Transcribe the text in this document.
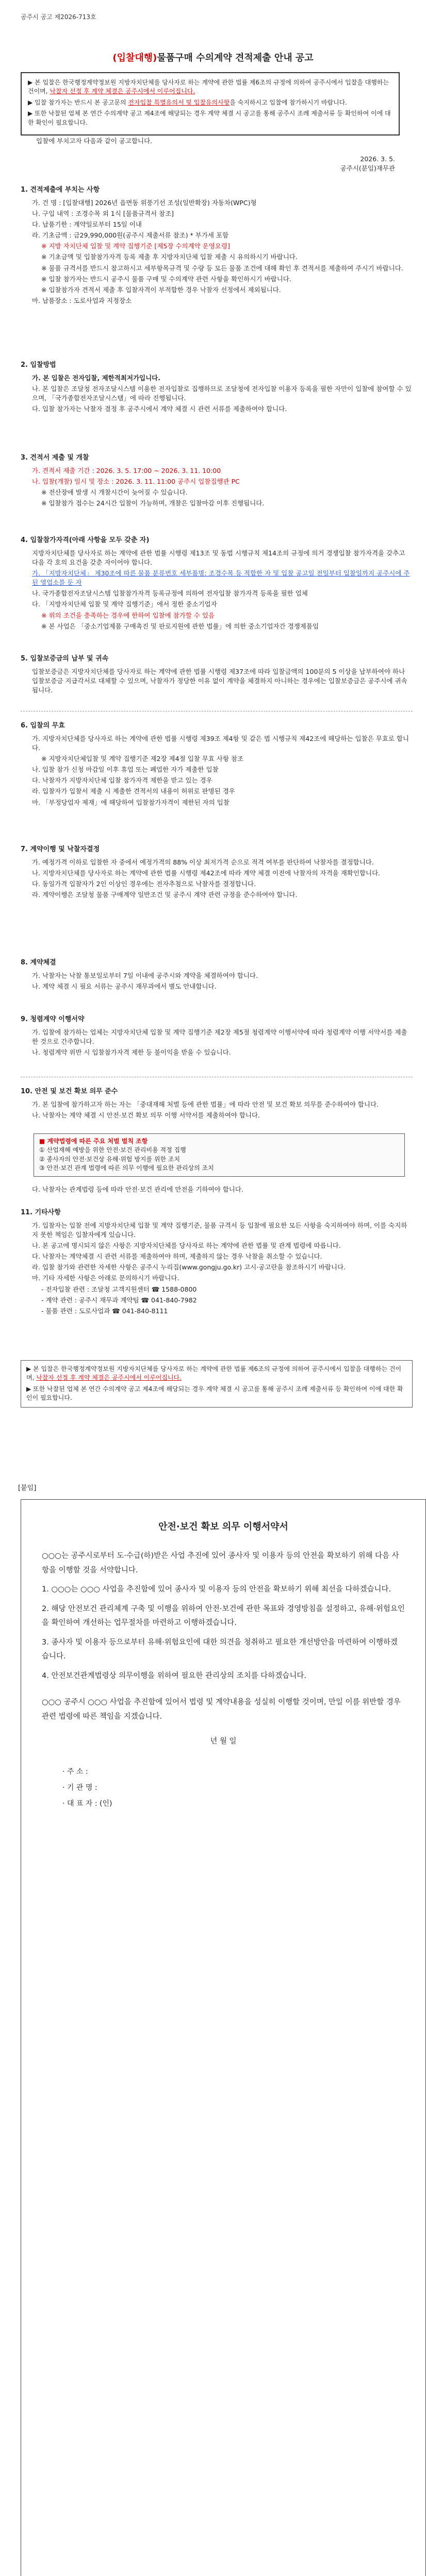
공주시 공고 제2026-713호
(입찰대행)물품구매 수의계약 견적제출 안내 공고

▶ 본 입찰은 한국행정계약정보원 지방자치단체를 당사자로 하는 계약에 관한 법률 제6조의 규정에 의하여 공주시에서 입찰을 대행하는 건이며, 낙찰자 선정 후 계약 체결은 공주시에서 이루어집니다.

▶ 입찰 참가자는 반드시 본 공고문의 전자입찰 특별유의서 및 입찰유의사항을 숙지하시고 입찰에 참가하시기 바랍니다.

▶ 또한 낙찰된 업체 본 연간 수의계약 공고 제4조에 해당되는 경우 계약 체결 시 공고를 통해 공주시 조례 제출서류 등 확인하여 이에 대한 확인이 필요합니다.

입찰에 부치고자 다음과 같이 공고합니다.
2026. 3. 5.
공주시(분임)재무관
1. 견적제출에 부치는 사항
가. 건 명 : [입찰대행] 2026년 읍면동 위풍기선 조성(일반확장) 자동차(WPC)형
나. 구입 내역 : 조경수목 외 1식 [물품규격서 참조]
다. 납품기한 : 계약일로부터 15일 이내
라. 기초금액 : 금29,990,000원(공주시 제출서류 참조) * 부가세 포함
※ 지방 자치단체 입찰 및 계약 집행기준 [제5장 수의계약 운영요령]
※ 기초금액 및 입찰참가자격 등록 제출 후 지방자치단체 입찰 제출 시 유의하시기 바랍니다.
※ 물품 규격서를 반드시 참고하시고 세부항목규격 및 수량 등 모든 물품 조건에 대해 확인 후 견적서를 제출하여 주시기 바랍니다.
※ 입찰 참가자는 반드시 공주시 물품 구매 및 수의계약 관련 사항을 확인하시기 바랍니다.
※ 입찰참가자 견적서 제출 후 입찰자격이 부적합한 경우 낙찰자 선정에서 제외됩니다.
마. 납품장소 : 도로사업과 지정장소
2. 입찰방법
가. 본 입찰은 전자입찰, 제한적최저가입니다.
나. 본 입찰은 조달청 전자조달시스템 이용한 전자입찰로 집행하므로 조달청에 전자입찰 이용자 등록을 필한 자만이 입찰에 참여할 수 있으며, 「국가종합전자조달시스템」에 따라 진행됩니다.
다. 입찰 참가자는 낙찰자 결정 후 공주시에서 계약 체결 시 관련 서류를 제출하여야 합니다.
3. 견적서 제출 및 개찰
가. 견적서 제출 기간 : 2026. 3. 5. 17:00 ~ 2026. 3. 11. 10:00
나. 입찰(개찰) 일시 및 장소 : 2026. 3. 11. 11:00 공주시 입찰집행관 PC
※ 전산장애 발생 시 개찰시간이 늦어질 수 있습니다.
※ 입찰참가 접수는 24시간 입찰이 가능하며, 개찰은 입찰마감 이후 진행됩니다.
4. 입찰참가자격(아래 사항을 모두 갖춘 자)
지방자치단체를 당사자로 하는 계약에 관한 법률 시행령 제13조 및 동법 시행규칙 제14조의 규정에 의거 경쟁입찰 참가자격을 갖추고 다음 각 호의 요건을 갖춘 자이어야 합니다.
가. 「지방자치단체」 제30조에 따른 물품 분류번호 세부품명: 조경수목 등 적합한 자 및 입찰 공고일 전일부터 입찰일까지 공주시에 주된 영업소를 둔 자
나. 국가종합전자조달시스템 입찰참가자격 등록규정에 의하여 전자입찰 참가자격 등록을 필한 업체
다. 「지방자치단체 입찰 및 계약 집행기준」에서 정한 중소기업자
※ 위의 조건을 충족하는 경우에 한하여 입찰에 참가할 수 있음
※ 본 사업은 「중소기업제품 구매촉진 및 판로지원에 관한 법률」에 의한 중소기업자간 경쟁제품임
5. 입찰보증금의 납부 및 귀속
입찰보증금은 지방자치단체를 당사자로 하는 계약에 관한 법률 시행령 제37조에 따라 입찰금액의 100분의 5 이상을 납부하여야 하나 입찰보증금 지급각서로 대체할 수 있으며, 낙찰자가 정당한 이유 없이 계약을 체결하지 아니하는 경우에는 입찰보증금은 공주시에 귀속됩니다.
6. 입찰의 무효
가. 지방자치단체를 당사자로 하는 계약에 관한 법률 시행령 제39조 제4항 및 같은 법 시행규칙 제42조에 해당하는 입찰은 무효로 합니다.
※ 지방자치단체입찰 및 계약 집행기준 제2장 제4절 입찰 무효 사항 참조
나. 입찰 참가 신청 마감일 이후 휴업 또는 폐업한 자가 제출한 입찰
다. 낙찰자가 지방자치단체 입찰 참가자격 제한을 받고 있는 경우
라. 입찰자가 입찰서 제출 시 제출한 견적서의 내용이 허위로 판명된 경우
마. 「부정당업자 제재」에 해당하여 입찰참가자격이 제한된 자의 입찰
7. 계약이행 및 낙찰자결정
가. 예정가격 이하로 입찰한 자 중에서 예정가격의 88% 이상 최저가격 순으로 적격 여부를 판단하여 낙찰자를 결정합니다.
나. 지방자치단체를 당사자로 하는 계약에 관한 법률 시행령 제42조에 따라 계약 체결 이전에 낙찰자의 자격을 재확인합니다.
다. 동일가격 입찰자가 2인 이상인 경우에는 전자추첨으로 낙찰자를 결정합니다.
라. 계약이행은 조달청 물품 구매계약 일반조건 및 공주시 계약 관련 규정을 준수하여야 합니다.
8. 계약체결
가. 낙찰자는 낙찰 통보일로부터 7일 이내에 공주시와 계약을 체결하여야 합니다.
나. 계약 체결 시 필요 서류는 공주시 재무과에서 별도 안내합니다.
9. 청렴계약 이행서약
가. 입찰에 참가하는 업체는 지방자치단체 입찰 및 계약 집행기준 제2장 제5절 청렴계약 이행서약에 따라 청렴계약 이행 서약서를 제출한 것으로 간주합니다.
나. 청렴계약 위반 시 입찰참가자격 제한 등 불이익을 받을 수 있습니다.
10. 안전 및 보건 확보 의무 준수
가. 본 입찰에 참가하고자 하는 자는 「중대재해 처벌 등에 관한 법률」에 따라 안전 및 보건 확보 의무를 준수하여야 합니다.
나. 낙찰자는 계약 체결 시 안전·보건 확보 의무 이행 서약서를 제출하여야 합니다.
■ 계약법령에 따른 주요 처벌 벌칙 조항
① 산업재해 예방을 위한 안전·보건 관리비용 적정 집행
② 종사자의 안전·보건상 유해·위험 방지를 위한 조치
③ 안전·보건 관계 법령에 따른 의무 이행에 필요한 관리상의 조치
다. 낙찰자는 관계법령 등에 따라 안전·보건 관리에 만전을 기하여야 합니다.
11. 기타사항
가. 입찰자는 입찰 전에 지방자치단체 입찰 및 계약 집행기준, 물품 규격서 등 입찰에 필요한 모든 사항을 숙지하여야 하며, 이를 숙지하지 못한 책임은 입찰자에게 있습니다.
나. 본 공고에 명시되지 않은 사항은 지방자치단체를 당사자로 하는 계약에 관한 법률 및 관계 법령에 따릅니다.
다. 낙찰자는 계약체결 시 관련 서류를 제출하여야 하며, 제출하지 않는 경우 낙찰을 취소할 수 있습니다.
라. 입찰 참가와 관련한 자세한 사항은 공주시 누리집(www.gongju.go.kr) 고시·공고란을 참조하시기 바랍니다.
마. 기타 자세한 사항은 아래로 문의하시기 바랍니다.
- 전자입찰 관련 : 조달청 고객지원센터 ☎ 1588-0800
- 계약 관련 : 공주시 재무과 계약팀 ☎ 041-840-7982
- 물품 관련 : 도로사업과 ☎ 041-840-8111

▶ 본 입찰은 한국행정계약정보원 지방자치단체를 당사자로 하는 계약에 관한 법률 제6조의 규정에 의하여 공주시에서 입찰을 대행하는 건이며, 낙찰자 선정 후 계약 체결은 공주시에서 이루어집니다.

▶ 또한 낙찰된 업체 본 연간 수의계약 공고 제4조에 해당되는 경우 계약 체결 시 공고를 통해 공주시 조례 제출서류 등 확인하여 이에 대한 확인이 필요합니다.

[붙임]
안전·보건 확보 의무 이행서약서

○○○는 공주시로부터 도·수급(하)받은 사업 추진에 있어 종사자 및 이용자 등의 안전을 확보하기 위해 다음 사항을 이행할 것을 서약합니다.

1. ○○○는 ○○○ 사업을 추진함에 있어 종사자 및 이용자 등의 안전을 확보하기 위해 최선을 다하겠습니다.

2. 해당 안전보건 관리체계 구축 및 이행을 위하여 안전·보건에 관한 목표와 경영방침을 설정하고, 유해·위험요인을 확인하여 개선하는 업무절차를 마련하고 이행하겠습니다.

3. 종사자 및 이용자 등으로부터 유해·위험요인에 대한 의견을 청취하고 필요한 개선방안을 마련하여 이행하겠습니다.

4. 안전보건관계법령상 의무이행을 위하여 필요한 관리상의 조치를 다하겠습니다.

○○○ 공주시 ○○○ 사업을 추진함에 있어서 법령 및 계약내용을 성실히 이행할 것이며, 만일 이를 위반할 경우 관련 법령에 따른 책임을 지겠습니다.

년 월 일
· 주 소 :
· 기 관 명 :
· 대 표 자 : (인)
